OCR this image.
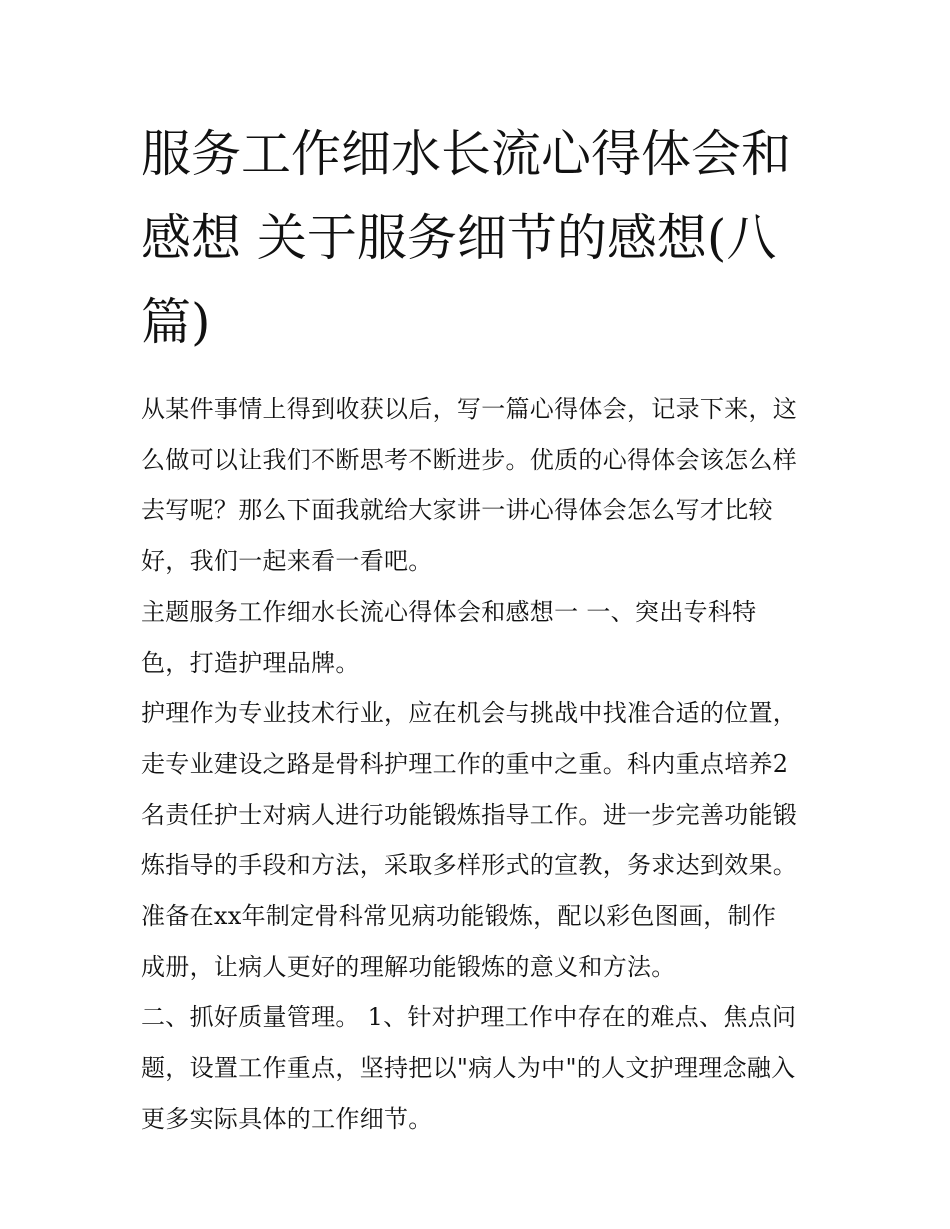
服务工作细水长流心得体会和
感想 关于服务细节的感想(八
篇)

从某件事情上得到收获以后，写一篇心得体会，记录下来，这
么做可以让我们不断思考不断进步。优质的心得体会该怎么样
去写呢？那么下面我就给大家讲一讲心得体会怎么写才比较
好，我们一起来看一看吧。

主题服务工作细水长流心得体会和感想一 一、突出专科特
色，打造护理品牌。

护理作为专业技术行业，应在机会与挑战中找准合适的位置，
走专业建设之路是骨科护理工作的重中之重。科内重点培养2
名责任护士对病人进行功能锻炼指导工作。进一步完善功能锻
炼指导的手段和方法，采取多样形式的宣教，务求达到效果。
准备在xx年制定骨科常见病功能锻炼，配以彩色图画，制作
成册，让病人更好的理解功能锻炼的意义和方法。

二、抓好质量管理。 1、针对护理工作中存在的难点、焦点问
题，设置工作重点，坚持把以"病人为中"的人文护理理念融入
更多实际具体的工作细节。
